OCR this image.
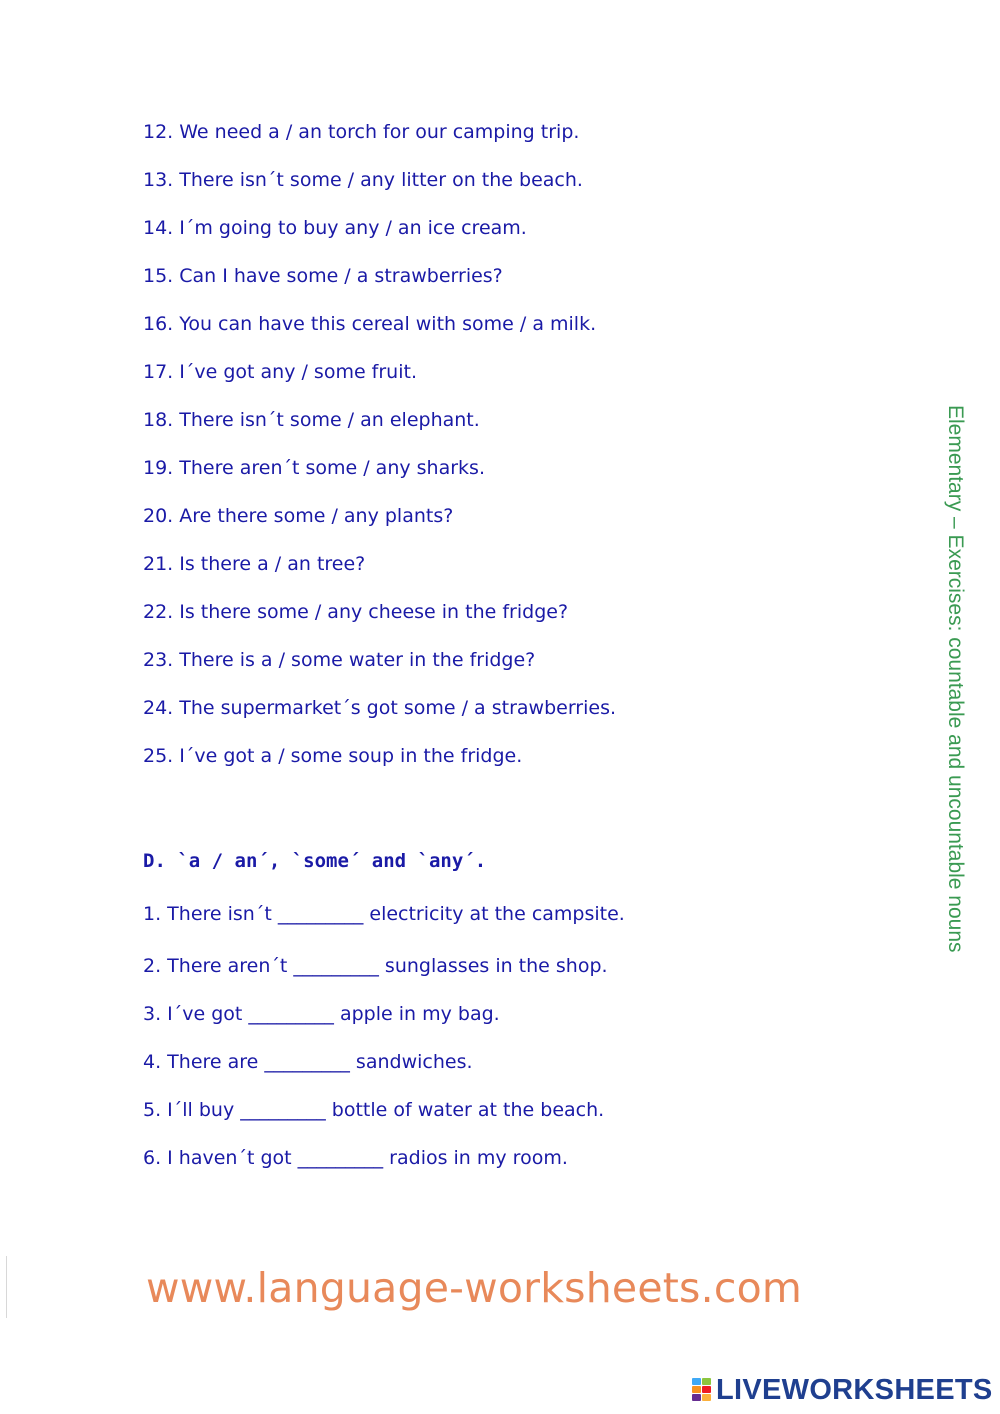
12. We need a / an torch for our camping trip.
13. There isn´t some / any litter on the beach.
14. I´m going to buy any / an ice cream.
15. Can I have some / a strawberries?
16. You can have this cereal with some / a milk.
17. I´ve got any / some fruit.
18. There isn´t some / an elephant.
19. There aren´t some / any sharks.
20. Are there some / any plants?
21. Is there a / an tree?
22. Is there some / any cheese in the fridge?
23. There is a / some water in the fridge?
24. The supermarket´s got some / a strawberries.
25. I´ve got a / some soup in the fridge.
D. `a / an´, `some´ and `any´.
1. There isn´t _________ electricity at the campsite.
2. There aren´t _________ sunglasses in the shop.
3. I´ve got _________ apple in my bag.
4. There are _________ sandwiches.
5. I´ll buy _________ bottle of water at the beach.
6. I haven´t got _________ radios in my room.
Elementary – Exercises: countable and uncountable nouns
www.language-worksheets.com
LIVEWORKSHEETS
